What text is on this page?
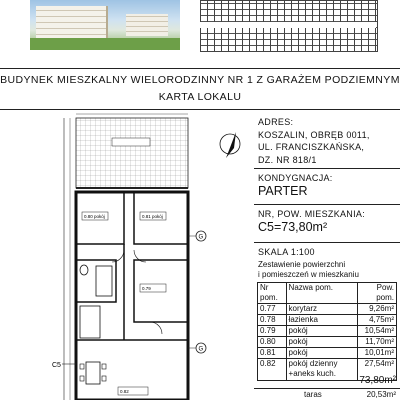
BUDYNEK MIESZKALNY WIELORODZINNY NR 1 Z GARAŻEM PODZIEMNYM
KARTA LOKALU
0.80 pokój	0.81 pokój
0.79
0.82
G
G
C5
ADRES:
KOSZALIN, OBRĘB 0011,
UL. FRANCISZKAŃSKA,
DZ. NR 818/1
KONDYGNACJA:
PARTER
NR, POW. MIESZKANIA:
C5=73,80m²
SKALA 1:100
Zestawienie powierzchni
i pomieszczeń w mieszkaniu
Nr pom.	Nazwa pom.	Pow. pom.
0.77	korytarz	9,26m²
0.78	łazienka	4,75m²
0.79	pokój	10,54m²
0.80	pokój	11,70m²
0.81	pokój	10,01m²
0.82	pokój dzienny +aneks kuch.	27,54m²
73,80m²
taras	20,53m²
